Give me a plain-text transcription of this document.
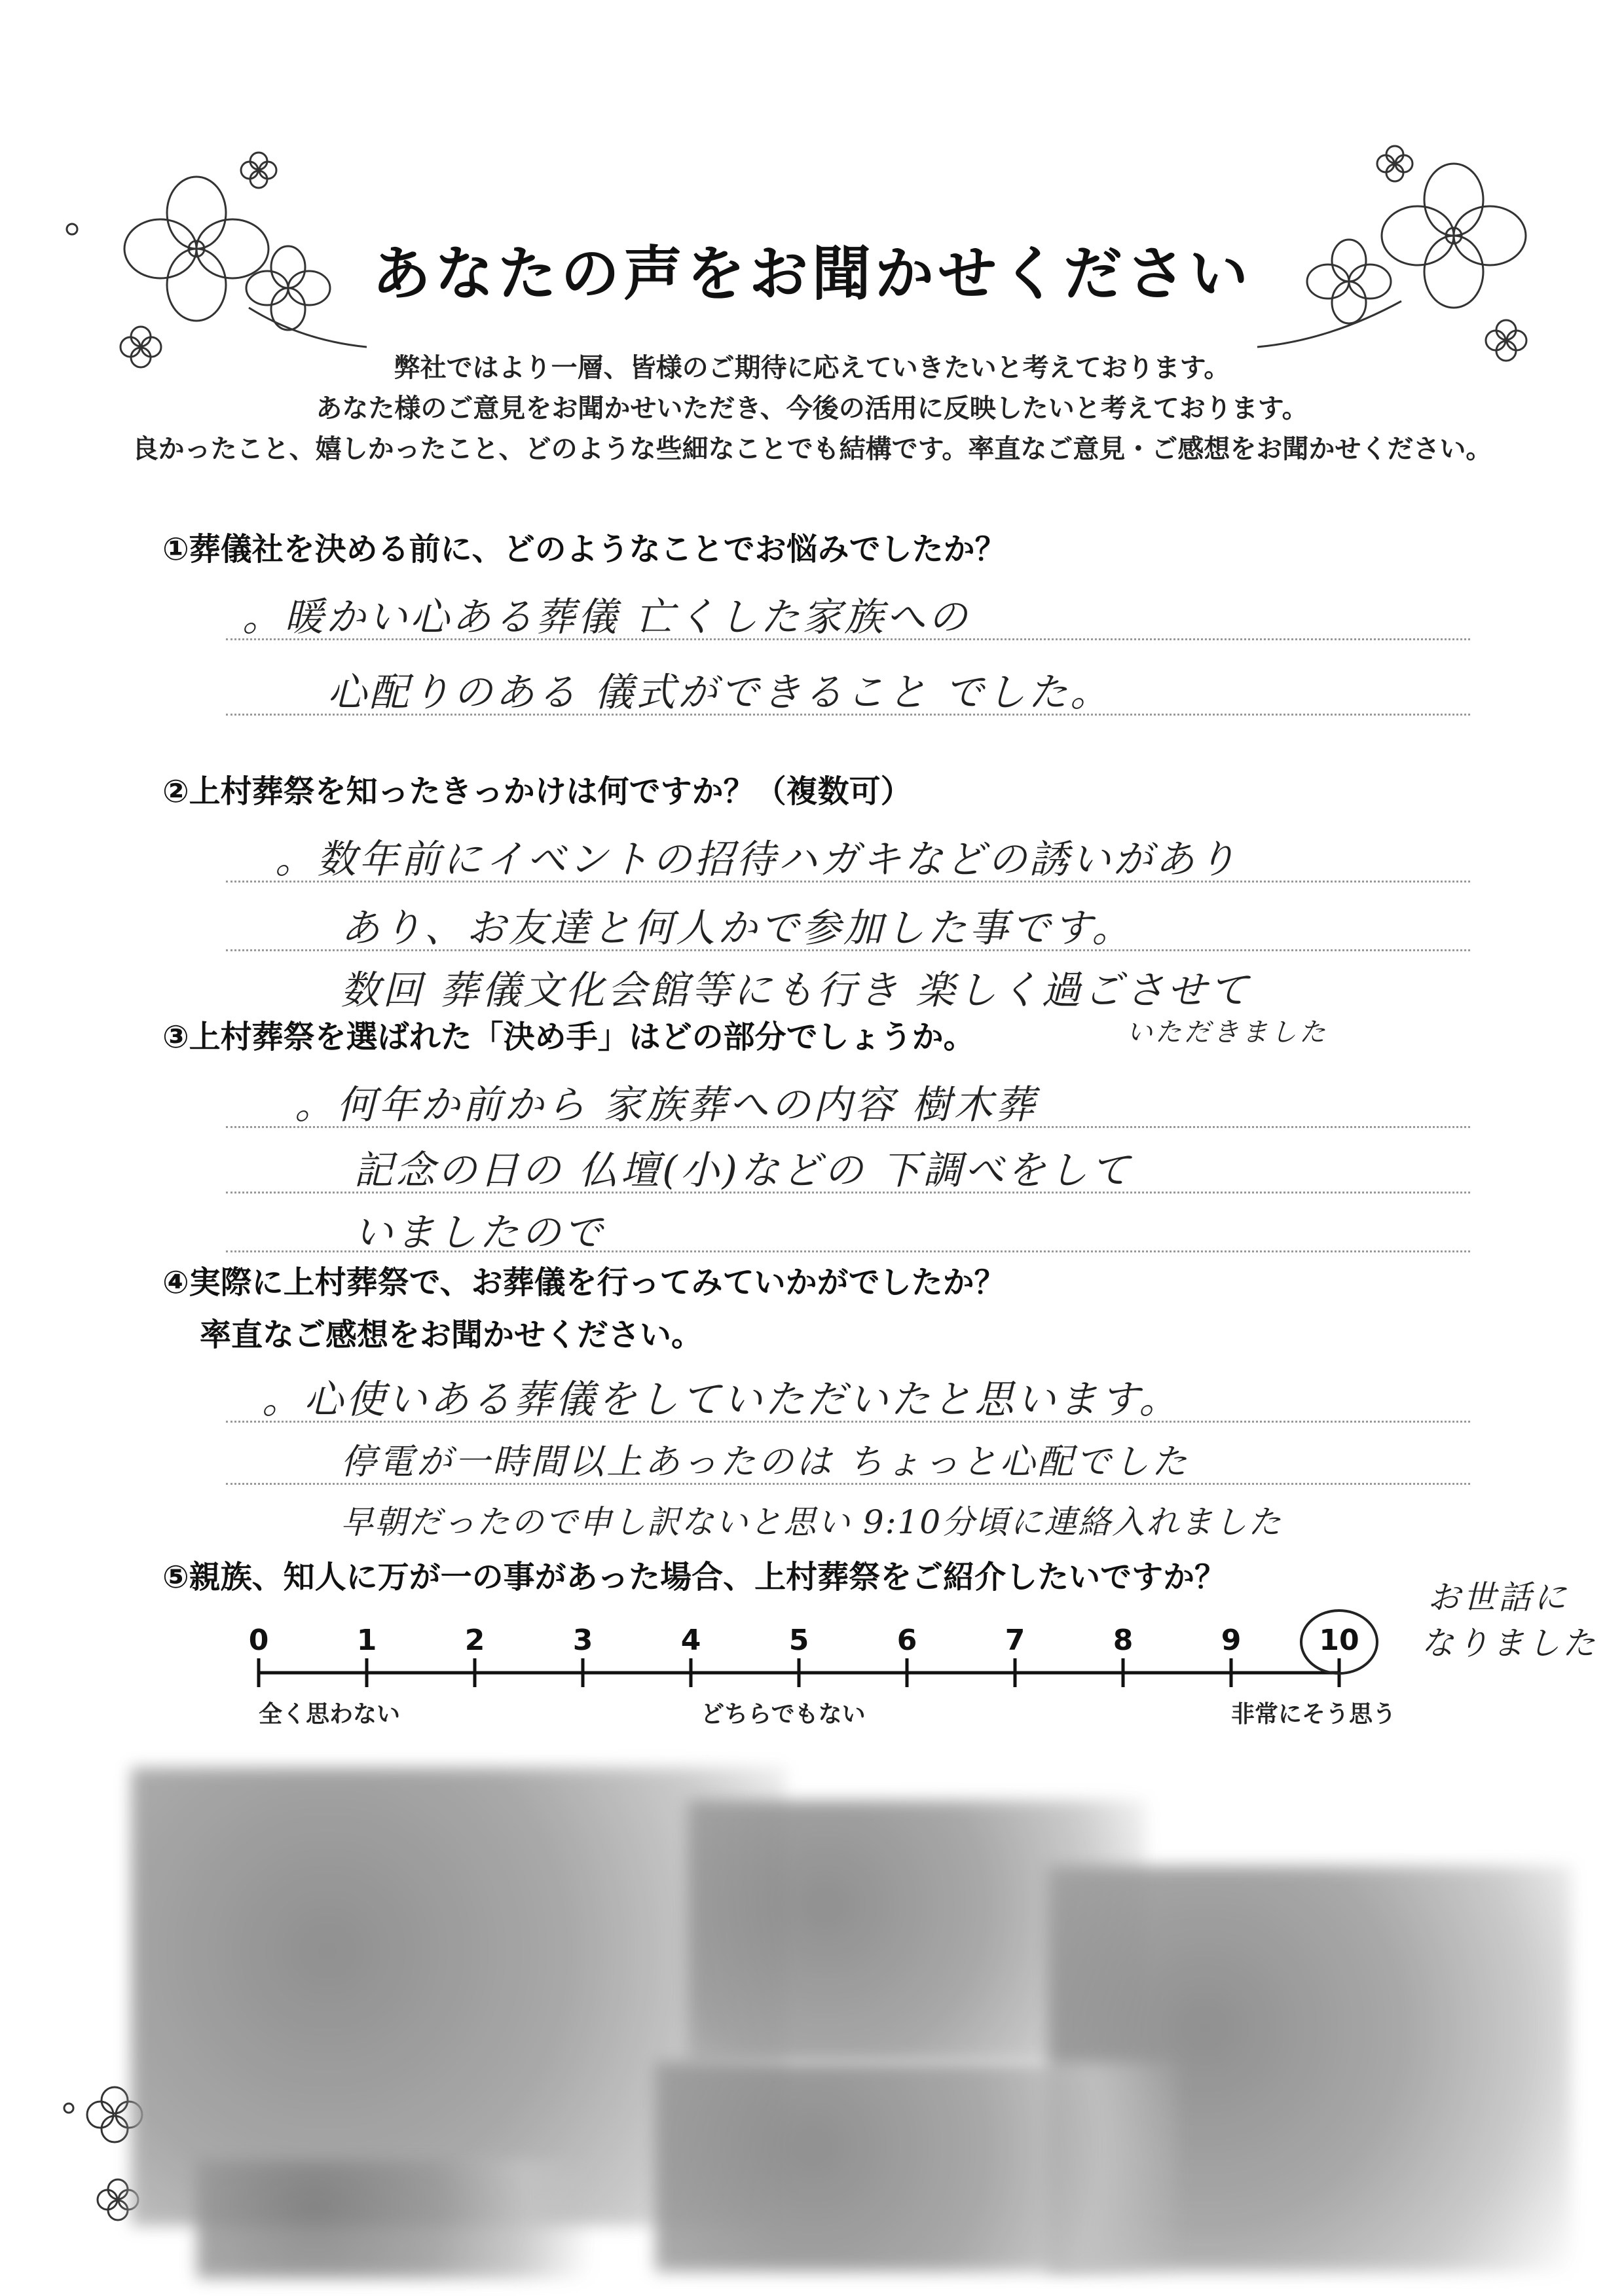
あなたの声をお聞かせください
弊社ではより一層、皆様のご期待に応えていきたいと考えております。
あなた様のご意見をお聞かせいただき、今後の活用に反映したいと考えております。
良かったこと、嬉しかったこと、どのような些細なことでも結構です。率直なご意見・ご感想をお聞かせください。
①葬儀社を決める前に、どのようなことでお悩みでしたか？
。暖かい心ある葬儀 亡くした家族への
心配りのある 儀式ができること でした。
②上村葬祭を知ったきっかけは何ですか？（複数可）
。数年前にイベントの招待ハガキなどの誘いがあり
あり、お友達と何人かで参加した事です。
数回 葬儀文化会館等にも行き 楽しく過ごさせて
いただきました
③上村葬祭を選ばれた「決め手」はどの部分でしょうか。
。何年か前から 家族葬への内容 樹木葬
記念の日の 仏壇(小)などの 下調べをして
いましたので
④実際に上村葬祭で、お葬儀を行ってみていかがでしたか？
率直なご感想をお聞かせください。
。心使いある葬儀をしていただいたと思います。
停電が一時間以上あったのは ちょっと心配でした
早朝だったので申し訳ないと思い 9:10分頃に連絡入れました
⑤親族、知人に万が一の事があった場合、上村葬祭をご紹介したいですか？
お世話に
なりました
0	1	2	3	4	5	6	7	8	9	10
全く思わない	どちらでもない	非常にそう思う
